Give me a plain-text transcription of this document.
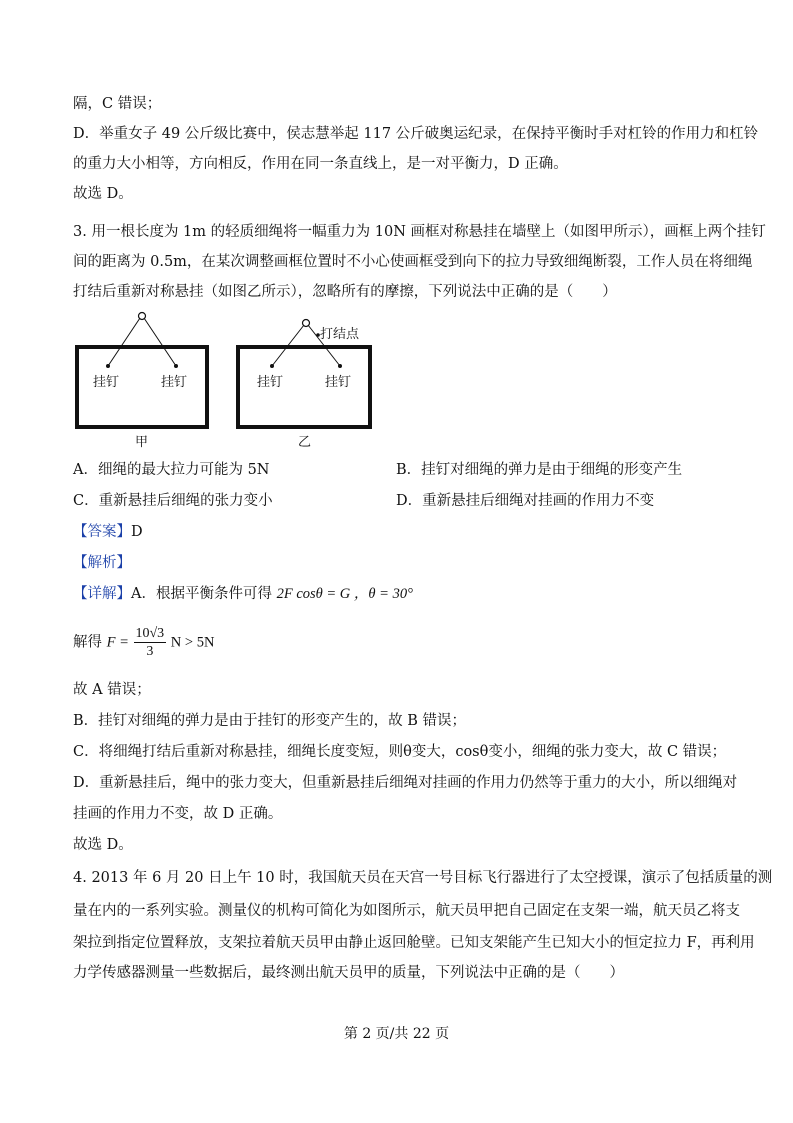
隔，C 错误；
D．举重女子 49 公斤级比赛中，侯志慧举起 117 公斤破奥运纪录，在保持平衡时手对杠铃的作用力和杠铃
的重力大小相等，方向相反，作用在同一条直线上，是一对平衡力，D 正确。
故选 D。
3. 用一根长度为 1m 的轻质细绳将一幅重力为 10N 画框对称悬挂在墙壁上（如图甲所示），画框上两个挂钉
间的距离为 0.5m，在某次调整画框位置时不小心使画框受到向下的拉力导致细绳断裂，工作人员在将细绳
打结后重新对称悬挂（如图乙所示），忽略所有的摩擦，下列说法中正确的是（　　）
挂钉	挂钉
甲
打结点
挂钉	挂钉
乙
A．细绳的最大拉力可能为 5N	B．挂钉对细绳的弹力是由于细绳的形变产生
C．重新悬挂后细绳的张力变小	D．重新悬挂后细绳对挂画的作用力不变
【答案】D
【解析】
【详解】A．根据平衡条件可得 2F cosθ = G ，θ = 30°
解得 $F = \frac{10√3}{3}$ N > 5N
故 A 错误；
B．挂钉对细绳的弹力是由于挂钉的形变产生的，故 B 错误；
C．将细绳打结后重新对称悬挂，细绳长度变短，则θ变大，cosθ变小，细绳的张力变大，故 C 错误；
D．重新悬挂后，绳中的张力变大，但重新悬挂后细绳对挂画的作用力仍然等于重力的大小，所以细绳对
挂画的作用力不变，故 D 正确。
故选 D。
4. 2013 年 6 月 20 日上午 10 时，我国航天员在天宫一号目标飞行器进行了太空授课，演示了包括质量的测
量在内的一系列实验。测量仪的机构可简化为如图所示，航天员甲把自己固定在支架一端，航天员乙将支
架拉到指定位置释放，支架拉着航天员甲由静止返回舱壁。已知支架能产生已知大小的恒定拉力 F，再利用
力学传感器测量一些数据后，最终测出航天员甲的质量，下列说法中正确的是（　　）
第 2 页/共 22 页
